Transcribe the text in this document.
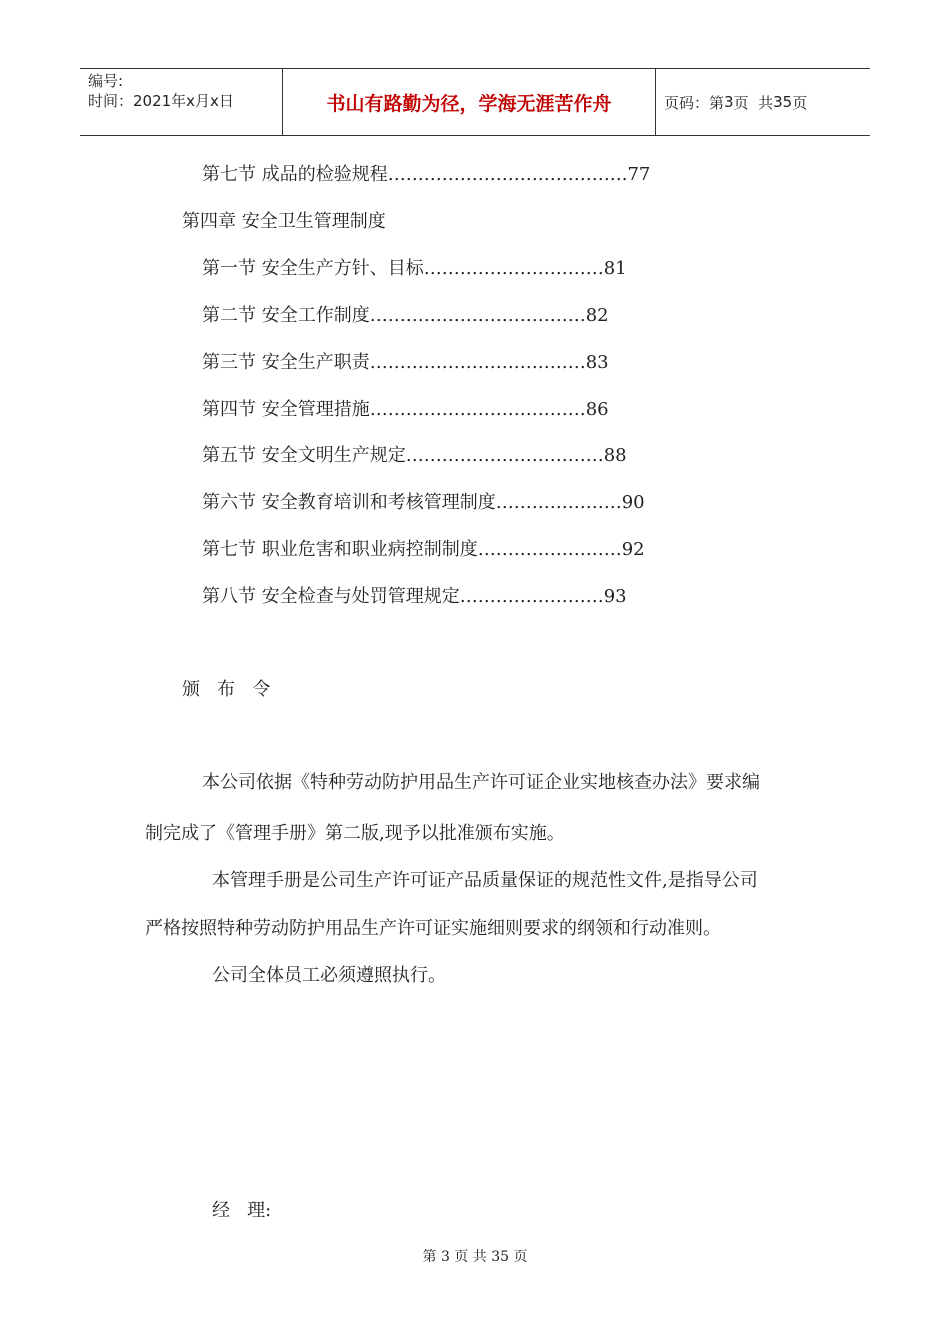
编号:
时间：2021年x月x日	书山有路勤为径，学海无涯苦作舟	页码：第 3 页  共 35 页
第七节 成品的检验规程………………………………….77
第四章 安全卫生管理制度
第一节 安全生产方针、目标…………………………81
第二节 安全工作制度………………………………82
第三节 安全生产职责………………………………83
第四节 安全管理措施………………………………86
第五节 安全文明生产规定……………………………88
第六节 安全教育培训和考核管理制度…………………90
第七节 职业危害和职业病控制制度……………………92
第八节 安全检查与处罚管理规定……………………93
颁   布   令
本公司依据《特种劳动防护用品生产许可证企业实地核查办法》要求编
制完成了《管理手册》第二版,现予以批准颁布实施。
本管理手册是公司生产许可证产品质量保证的规范性文件,是指导公司
严格按照特种劳动防护用品生产许可证实施细则要求的纲领和行动准则。
公司全体员工必须遵照执行。
经   理:
第 3 页 共 35 页
